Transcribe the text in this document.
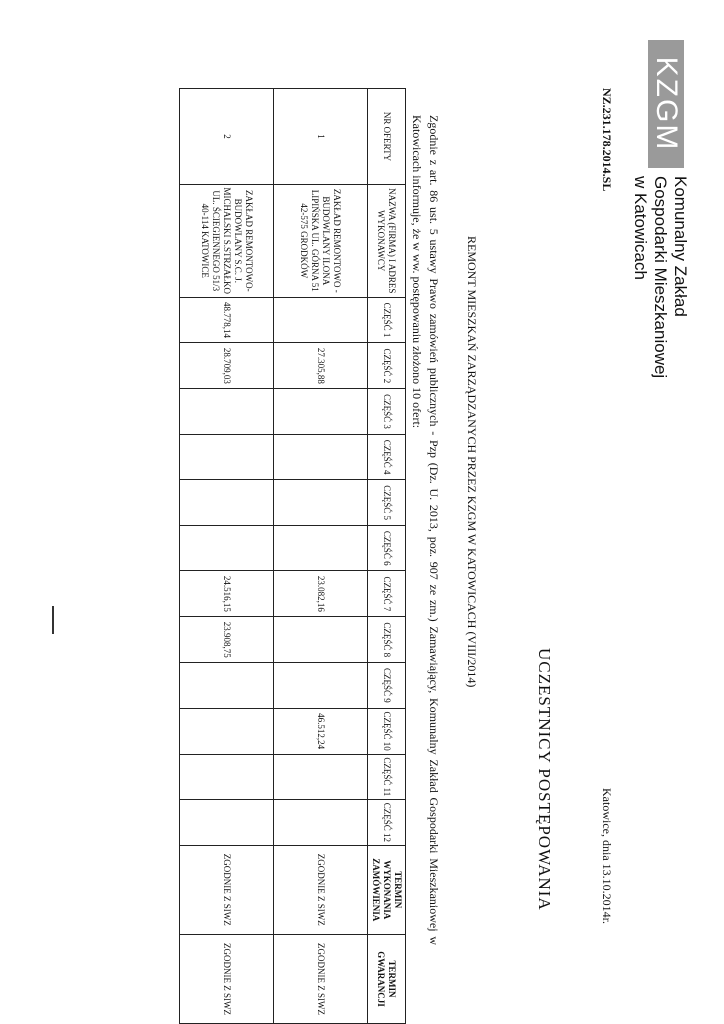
KZGM
Komunalny Zakład
Gospodarki Mieszkaniowej
w Katowicach
NZ.231.178.2014.SL
Katowice, dnia 13.10.2014r.
UCZESTNICY POSTĘPOWANIA
REMONT MIESZKAŃ ZARZĄDZANYCH PRZEZ KZGM W KATOWICACH (VIII/2014)
Zgodnie z art. 86 ust. 5 ustawy Prawo zamówień publicznych - Pzp (Dz. U. 2013, poz. 907 ze zm.) Zamawiający, Komunalny Zakład Gospodarki Mieszkaniowej w Katowicach informuje, że w ww. postępowaniu złożono 10 ofert:
NR OFERTY	NAZWA (FIRMA) I ADRES WYKONAWCY	CZĘŚĆ 1	CZĘŚĆ 2	CZĘŚĆ 3	CZĘŚĆ 4	CZĘŚĆ 5	CZĘŚĆ 6	CZĘŚĆ 7	CZĘŚĆ 8	CZĘŚĆ 9	CZĘŚĆ 10	CZĘŚĆ 11	CZĘŚĆ 12	TERMIN WYKONANIA ZAMÓWIENIA	TERMIN GWARANCJI
1	ZAKŁAD REMONTOWO - BUDOWLANY ILONA LIPIŃSKA UL. GÓRNA 51 42-575 GRODKÓW		27.305,88					23.082,16			46.512,24			ZGODNIE Z SIWZ	ZGODNIE Z SIWZ
2	ZAKŁAD REMONTOWO-BUDOWLANY S.C. J. MICHALSKI S.STRZAŁKO UL. ŚCIEGIENNEGO 51/3 40-114 KATOWICE	48.778,14	28.709,03					24.516,15	23.908,75					ZGODNIE Z SIWZ	ZGODNIE Z SIWZ
